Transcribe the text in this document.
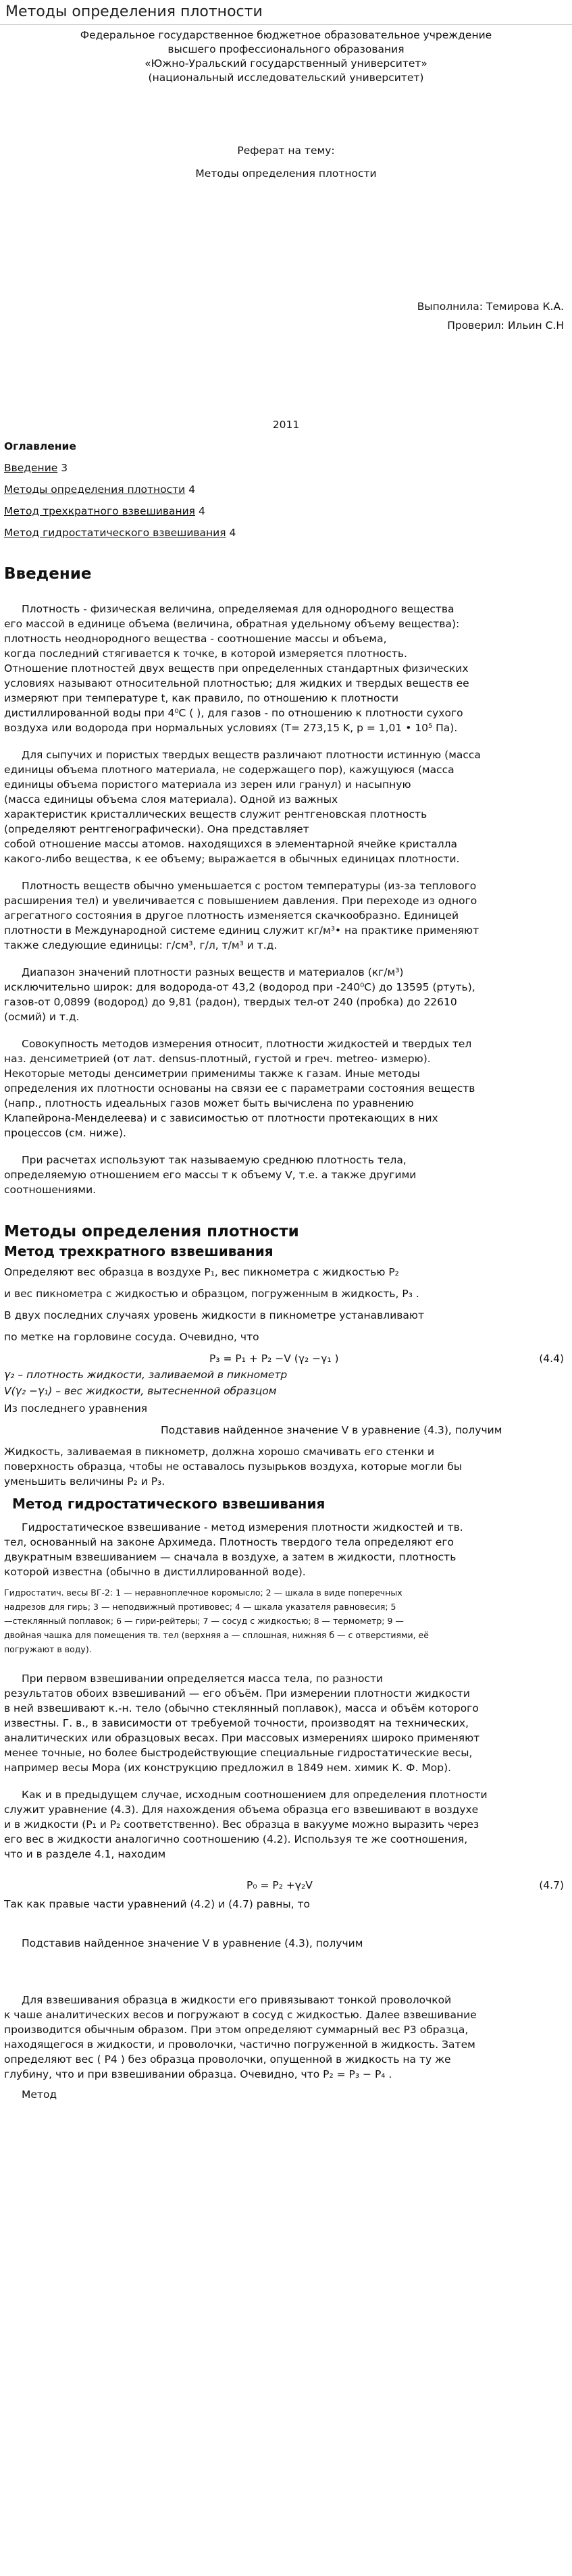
Методы определения плотности
Федеральное государственное бюджетное образовательное учреждение
высшего профессионального образования
«Южно-Уральский государственный университет»
(национальный исследовательский университет)
Реферат на тему:
Методы определения плотности
Выполнила: Темирова К.А.
Проверил: Ильин С.Н
2011
Оглавление
Введение 3
Методы определения плотности 4
Метод трехкратного взвешивания 4
Метод гидростатического взвешивания 4
Введение
Плотность - физическая величина, определяемая для однородного вещества
его массой в единице объема (величина, обратная удельному объему вещества):
плотность неоднородного вещества - соотношение массы и объема,
когда последний стягивается к точке, в которой измеряется плотность.
Отношение плотностей двух веществ при определенных стандартных физических
условиях называют относительной плотностью; для жидких и твердых веществ ее
измеряют при температуре t, как правило, по отношению к плотности
дистиллированной воды при 4⁰C ( ), для газов - по отношению к плотности сухого
воздуха или водорода при нормальных условиях (T= 273,15 K, p = 1,01 • 10⁵ Па).
Для сыпучих и пористых твердых веществ различают плотности истинную (масса
единицы объема плотного материала, не содержащего пор), кажущуюся (масса
единицы объема пористого материала из зерен или гранул) и насыпную
(масса единицы объема слоя материала). Одной из важных
характеристик кристаллических веществ служит рентгеновская плотность
(определяют рентгенографически). Она представляет
собой отношение массы атомов. находящихся в элементарной ячейке кристалла
какого-либо вещества, к ее объему; выражается в обычных единицах плотности.
Плотность веществ обычно уменьшается с ростом температуры (из-за теплового
расширения тел) и увеличивается с повышением давления. При переходе из одного
агрегатного состояния в другое плотность изменяется скачкообразно. Единицей
плотности в Международной системе единиц служит кг/м³• на практике применяют
также следующие единицы: г/см³, г/л, т/м³ и т.д.
Диапазон значений плотности разных веществ и материалов (кг/м³)
исключительно широк: для водорода-от 43,2 (водород при -240⁰С) до 13595 (ртуть),
газов-от 0,0899 (водород) до 9,81 (радон), твердых тел-от 240 (пробка) до 22610
(осмий) и т.д.
Совокупность методов измерения относит, плотности жидкостей и твердых тел
наз. денсиметрией (от лат. densus-плотный, густой и греч. metreo- измерю).
Некоторые методы денсиметрии применимы также к газам. Иные методы
определения их плотности основаны на связи ее с параметрами состояния веществ
(напр., плотность идеальных газов может быть вычислена по уравнению
Клапейрона-Менделеева) и с зависимостью от плотности протекающих в них
процессов (см. ниже).
При расчетах используют так называемую среднюю плотность тела,
определяемую отношением его массы т к объему V, т.е. а также другими
соотношениями.
Методы определения плотности
Метод трехкратного взвешивания
Определяют вес образца в воздухе P₁, вес пикнометра с жидкостью P₂
и вес пикнометра с жидкостью и образцом, погруженным в жидкость, P₃ .
В двух последних случаях уровень жидкости в пикнометре устанавливают
по метке на горловине сосуда. Очевидно, что
P₃ = P₁ + P₂ −V (γ₂ −γ₁ )	(4.4)
γ₂ – плотность жидкости, заливаемой в пикнометр
V(γ₂ −γ₁) – вес жидкости, вытесненной образцом
Из последнего уравнения
Подставив найденное значение V в уравнение (4.3), получим
Жидкость, заливаемая в пикнометр, должна хорошо смачивать его стенки и
поверхность образца, чтобы не оставалось пузырьков воздуха, которые могли бы
уменьшить величины P₂ и P₃.
Метод гидростатического взвешивания
Гидростатическое взвешивание - метод измерения плотности жидкостей и тв.
тел, основанный на законе Архимеда. Плотность твердого тела определяют его
двукратным взвешиванием — сначала в воздухе, а затем в жидкости, плотность
которой известна (обычно в дистиллированной воде).
Гидростатич. весы ВГ-2: 1 — неравноплечное коромысло; 2 — шкала в виде поперечных
надрезов для гирь; 3 — неподвижный противовес; 4 — шкала указателя равновесия; 5
—стеклянный поплавок; 6 — гири-рейтеры; 7 — сосуд с жидкостью; 8 — термометр; 9 —
двойная чашка для помещения тв. тел (верхняя а — сплошная, нижняя б — с отверстиями, её
погружают в воду).
При первом взвешивании определяется масса тела, по разности
результатов обоих взвешиваний — его объём. При измерении плотности жидкости
в ней взвешивают к.-н. тело (обычно стеклянный поплавок), масса и объём которого
известны. Г. в., в зависимости от требуемой точности, производят на технических,
аналитических или образцовых весах. При массовых измерениях широко применяют
менее точные, но более быстродействующие специальные гидростатические весы,
например весы Мора (их конструкцию предложил в 1849 нем. химик К. Ф. Мор).
Как и в предыдущем случае, исходным соотношением для определения плотности
служит уравнение (4.3). Для нахождения объема образца его взвешивают в воздухе
и в жидкости (P₁ и P₂ соответственно). Вес образца в вакууме можно выразить через
его вес в жидкости аналогично соотношению (4.2). Используя те же соотношения,
что и в разделе 4.1, находим
P₀ = P₂ +γ₂V	(4.7)
Так как правые части уравнений (4.2) и (4.7) равны, то
Подставив найденное значение V в уравнение (4.3), получим
Для взвешивания образца в жидкости его привязывают тонкой проволочкой
к чаше аналитических весов и погружают в сосуд с жидкостью. Далее взвешивание
производится обычным образом. При этом определяют суммарный вес P3 образца,
находящегося в жидкости, и проволочки, частично погруженной в жидкость. Затем
определяют вес ( P4 ) без образца проволочки, опущенной в жидкость на ту же
глубину, что и при взвешивании образца. Очевидно, что P₂ = P₃ − P₄ .
Метод
